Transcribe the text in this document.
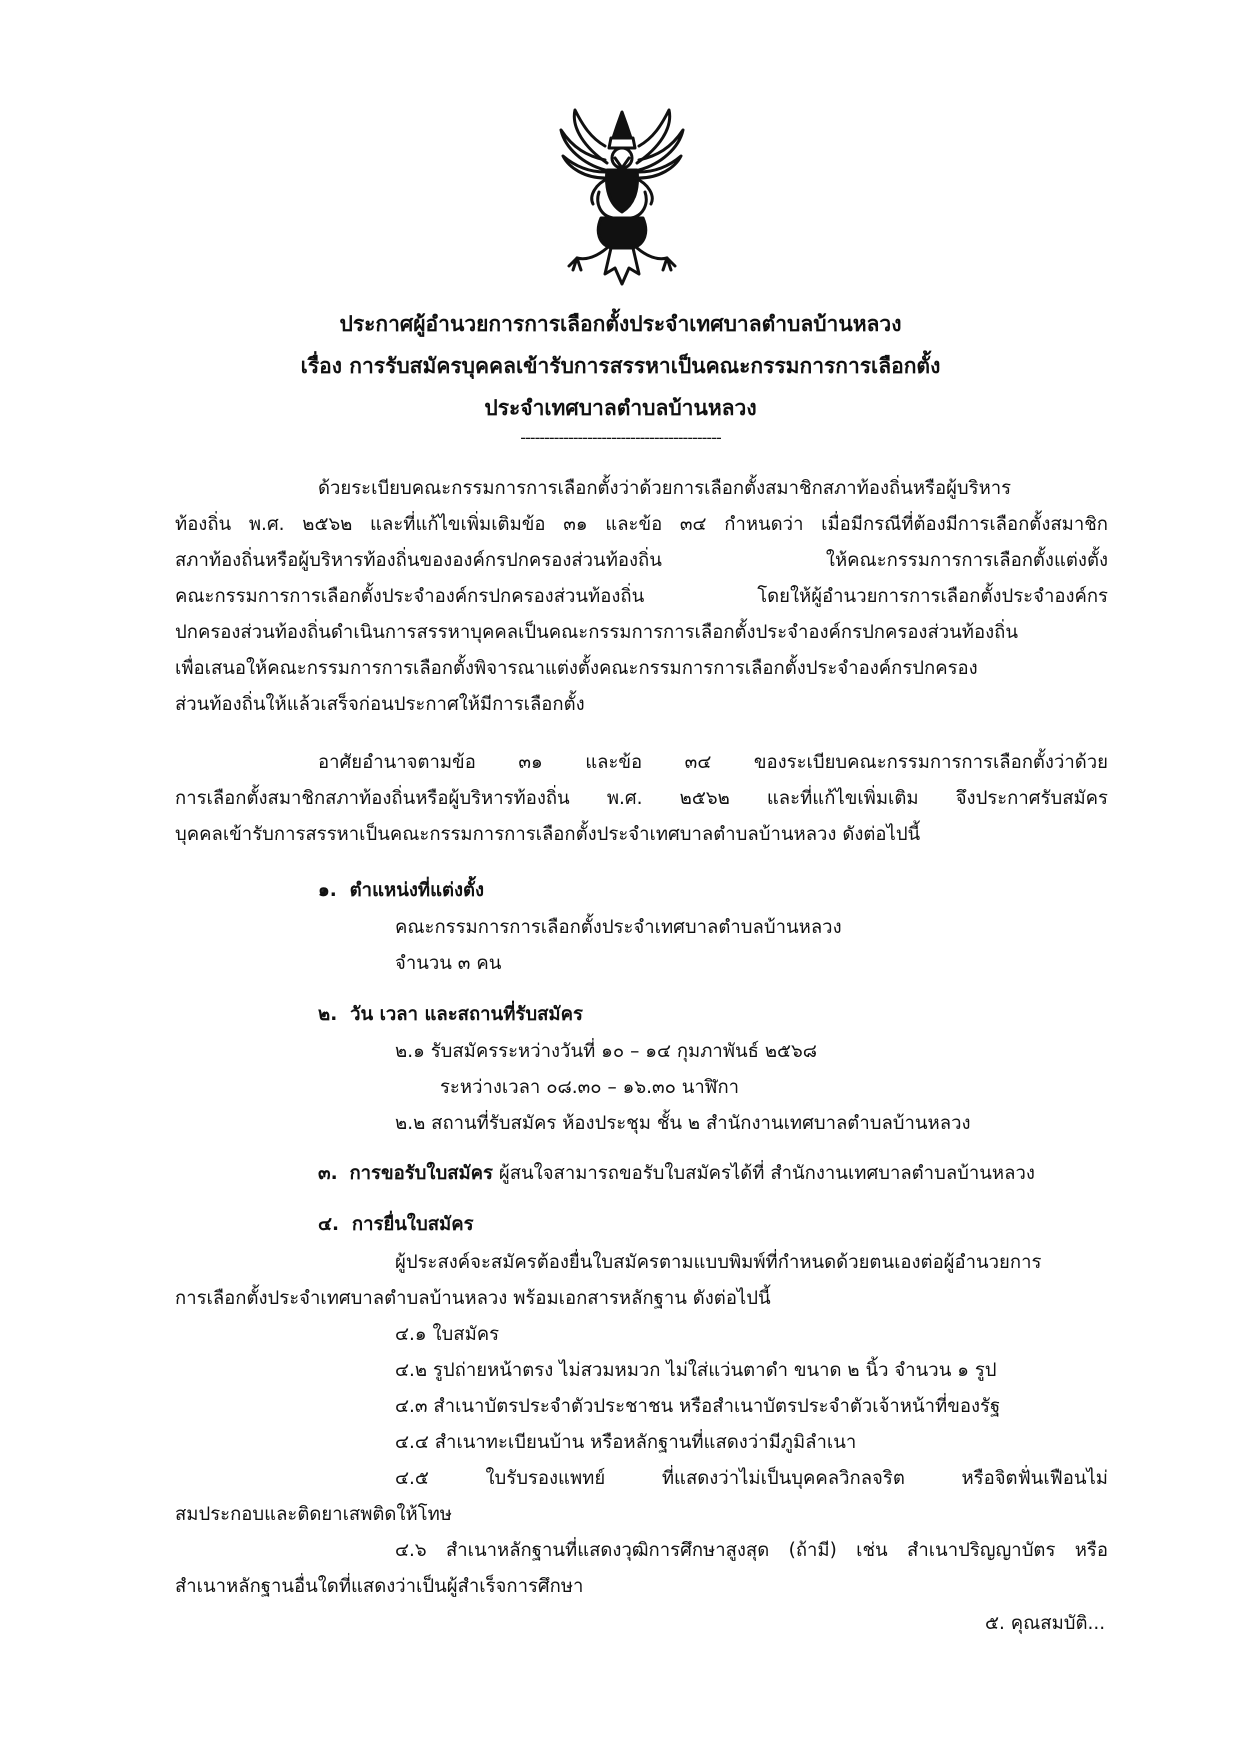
ประกาศผู้อำนวยการการเลือกตั้งประจำเทศบาลตำบลบ้านหลวง
เรื่อง การรับสมัครบุคคลเข้ารับการสรรหาเป็นคณะกรรมการการเลือกตั้ง
ประจำเทศบาลตำบลบ้านหลวง
------------------------------------------
ด้วยระเบียบคณะกรรมการการเลือกตั้งว่าด้วยการเลือกตั้งสมาชิกสภาท้องถิ่นหรือผู้บริหาร
ท้องถิ่น พ.ศ. ๒๕๖๒ และที่แก้ไขเพิ่มเติมข้อ ๓๑ และข้อ ๓๔ กำหนดว่า เมื่อมีกรณีที่ต้องมีการเลือกตั้งสมาชิก
สภาท้องถิ่นหรือผู้บริหารท้องถิ่นขององค์กรปกครองส่วนท้องถิ่น ให้คณะกรรมการการเลือกตั้งแต่งตั้ง
คณะกรรมการการเลือกตั้งประจำองค์กรปกครองส่วนท้องถิ่น โดยให้ผู้อำนวยการการเลือกตั้งประจำองค์กร
ปกครองส่วนท้องถิ่นดำเนินการสรรหาบุคคลเป็นคณะกรรมการการเลือกตั้งประจำองค์กรปกครองส่วนท้องถิ่น
เพื่อเสนอให้คณะกรรมการการเลือกตั้งพิจารณาแต่งตั้งคณะกรรมการการเลือกตั้งประจำองค์กรปกครอง
ส่วนท้องถิ่นให้แล้วเสร็จก่อนประกาศให้มีการเลือกตั้ง
อาศัยอำนาจตามข้อ ๓๑ และข้อ ๓๔ ของระเบียบคณะกรรมการการเลือกตั้งว่าด้วย
การเลือกตั้งสมาชิกสภาท้องถิ่นหรือผู้บริหารท้องถิ่น พ.ศ. ๒๕๖๒ และที่แก้ไขเพิ่มเติม จึงประกาศรับสมัคร
บุคคลเข้ารับการสรรหาเป็นคณะกรรมการการเลือกตั้งประจำเทศบาลตำบลบ้านหลวง ดังต่อไปนี้
๑. ตำแหน่งที่แต่งตั้ง
คณะกรรมการการเลือกตั้งประจำเทศบาลตำบลบ้านหลวง
จำนวน ๓ คน
๒. วัน เวลา และสถานที่รับสมัคร
๒.๑ รับสมัครระหว่างวันที่ ๑๐ – ๑๔ กุมภาพันธ์ ๒๕๖๘
ระหว่างเวลา ๐๘.๓๐ – ๑๖.๓๐ นาฬิกา
๒.๒ สถานที่รับสมัคร ห้องประชุม ชั้น ๒ สำนักงานเทศบาลตำบลบ้านหลวง
๓. การขอรับใบสมัคร ผู้สนใจสามารถขอรับใบสมัครได้ที่ สำนักงานเทศบาลตำบลบ้านหลวง
๔. การยื่นใบสมัคร
ผู้ประสงค์จะสมัครต้องยื่นใบสมัครตามแบบพิมพ์ที่กำหนดด้วยตนเองต่อผู้อำนวยการ
การเลือกตั้งประจำเทศบาลตำบลบ้านหลวง พร้อมเอกสารหลักฐาน ดังต่อไปนี้
๔.๑ ใบสมัคร
๔.๒ รูปถ่ายหน้าตรง ไม่สวมหมวก ไม่ใส่แว่นตาดำ ขนาด ๒ นิ้ว จำนวน ๑ รูป
๔.๓ สำเนาบัตรประจำตัวประชาชน หรือสำเนาบัตรประจำตัวเจ้าหน้าที่ของรัฐ
๔.๔ สำเนาทะเบียนบ้าน หรือหลักฐานที่แสดงว่ามีภูมิลำเนา
๔.๕ ใบรับรองแพทย์ ที่แสดงว่าไม่เป็นบุคคลวิกลจริต หรือจิตฟั่นเฟือนไม่
สมประกอบและติดยาเสพติดให้โทษ
๔.๖ สำเนาหลักฐานที่แสดงวุฒิการศึกษาสูงสุด (ถ้ามี) เช่น สำเนาปริญญาบัตร หรือ
สำเนาหลักฐานอื่นใดที่แสดงว่าเป็นผู้สำเร็จการศึกษา
๕. คุณสมบัติ...
